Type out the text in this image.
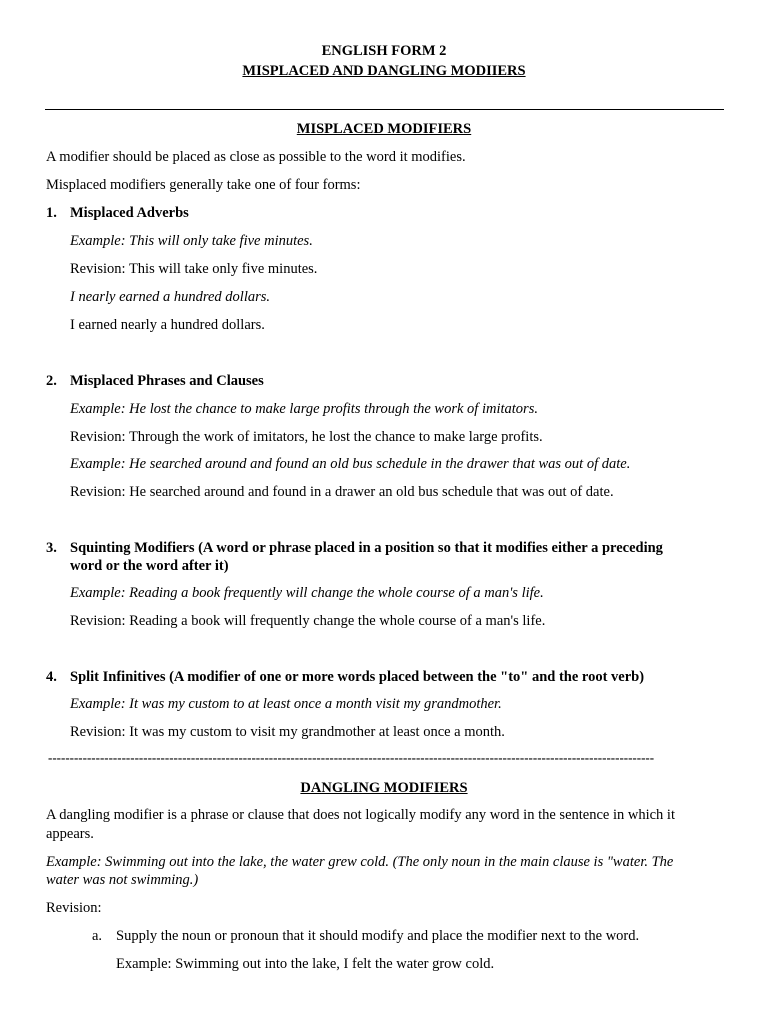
ENGLISH FORM 2
MISPLACED AND DANGLING MODIIERS
MISPLACED MODIFIERS
A modifier should be placed as close as possible to the word it modifies.
Misplaced modifiers generally take one of four forms:
1. Misplaced Adverbs
Example: This will only take five minutes.
Revision: This will take only five minutes.
I nearly earned a hundred dollars.
I earned nearly a hundred dollars.
2. Misplaced Phrases and Clauses
Example: He lost the chance to make large profits through the work of imitators.
Revision: Through the work of imitators, he lost the chance to make large profits.
Example: He searched around and found an old bus schedule in the drawer that was out of date.
Revision: He searched around and found in a drawer an old bus schedule that was out of date.
3. Squinting Modifiers (A word or phrase placed in a position so that it modifies either a preceding
word or the word after it)
Example: Reading a book frequently will change the whole course of a man's life.
Revision: Reading a book will frequently change the whole course of a man's life.
4. Split Infinitives (A modifier of one or more words placed between the "to" and the root verb)
Example: It was my custom to at least once a month visit my grandmother.
Revision: It was my custom to visit my grandmother at least once a month.
--------------------------------------------------------------------------------------------------------------------------------------------
DANGLING MODIFIERS
A dangling modifier is a phrase or clause that does not logically modify any word in the sentence in which it
appears.
Example: Swimming out into the lake, the water grew cold. (The only noun in the main clause is "water. The
water was not swimming.)
Revision:
a. Supply the noun or pronoun that it should modify and place the modifier next to the word.
Example: Swimming out into the lake, I felt the water grow cold.
